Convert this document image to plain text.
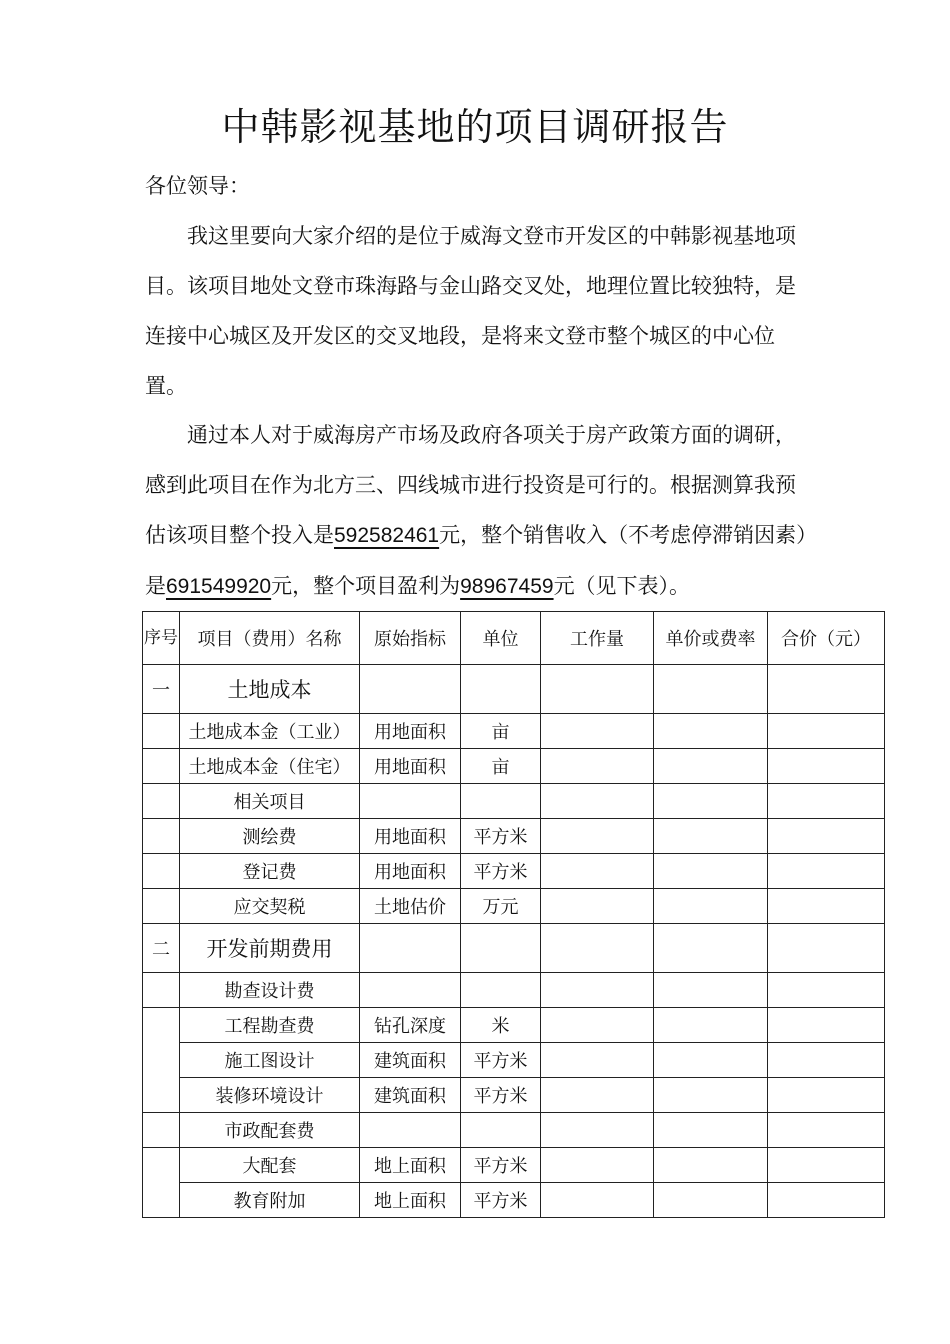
中韩影视基地的项目调研报告
各位领导：

我这里要向大家介绍的是位于威海文登市开发区的中韩影视基地项目。该项目地处文登市珠海路与金山路交叉处，地理位置比较独特，是连接中心城区及开发区的交叉地段，是将来文登市整个城区的中心位置。

通过本人对于威海房产市场及政府各项关于房产政策方面的调研，感到此项目在作为北方三、四线城市进行投资是可行的。根据测算我预估该项目整个投入是592582461元，整个销售收入（不考虑停滞销因素）是691549920元，整个项目盈利为98967459元（见下表）。

序号	项目（费用）名称	原始指标	单位	工作量	单价或费率	合价（元）
一	土地成本					
	土地成本金（工业）	用地面积	亩			
	土地成本金（住宅）	用地面积	亩			
	相关项目					
	测绘费	用地面积	平方米			
	登记费	用地面积	平方米			
	应交契税	土地估价	万元			
二	开发前期费用					
	勘查设计费					
	工程勘查费	钻孔深度	米			
	施工图设计	建筑面积	平方米			
	装修环境设计	建筑面积	平方米			
	市政配套费					
	大配套	地上面积	平方米			
	教育附加	地上面积	平方米			
